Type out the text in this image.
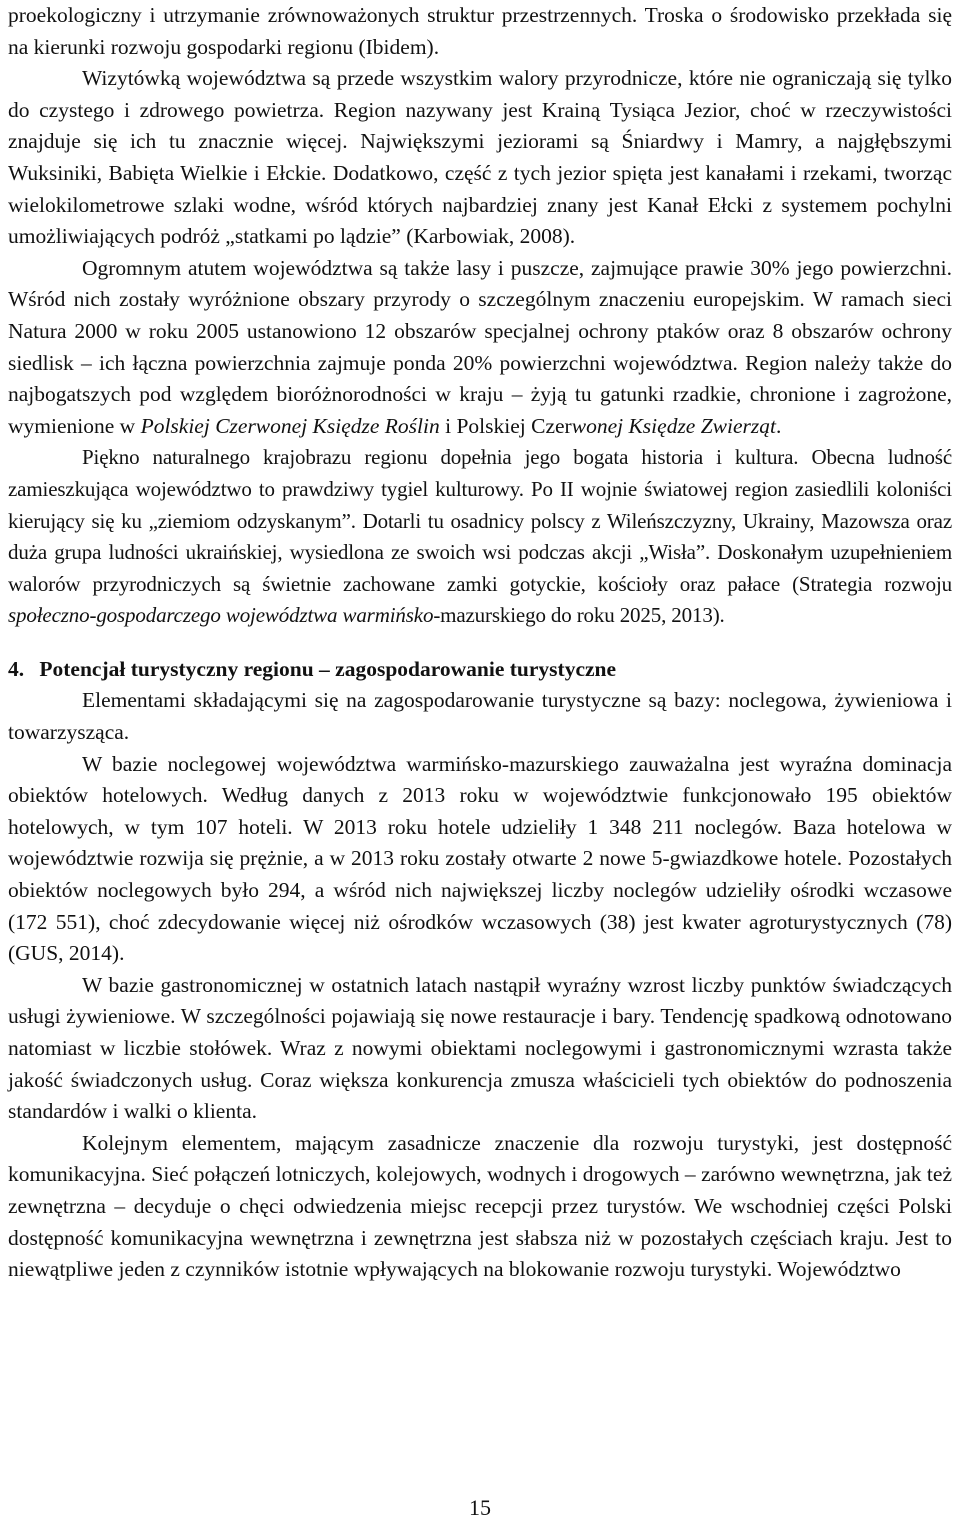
proekologiczny i utrzymanie zrównoważonych struktur przestrzennych. Troska o środowisko przekłada się na kierunki rozwoju gospodarki regionu (Ibidem).

Wizytówką województwa są przede wszystkim walory przyrodnicze, które nie ograniczają się tylko do czystego i zdrowego powietrza. Region nazywany jest Krainą Tysiąca Jezior, choć w rzeczywistości znajduje się ich tu znacznie więcej. Największymi jeziorami są Śniardwy i Mamry, a najgłębszymi Wuksiniki, Babięta Wielkie i Ełckie. Dodatkowo, część z tych jezior spięta jest kanałami i rzekami, tworząc wielokilometrowe szlaki wodne, wśród których najbardziej znany jest Kanał Ełcki z systemem pochylni umożliwiających podróż „statkami po lądzie” (Karbowiak, 2008).

Ogromnym atutem województwa są także lasy i puszcze, zajmujące prawie 30% jego powierzchni. Wśród nich zostały wyróżnione obszary przyrody o szczególnym znaczeniu europejskim. W ramach sieci Natura 2000 w roku 2005 ustanowiono 12 obszarów specjalnej ochrony ptaków oraz 8 obszarów ochrony siedlisk – ich łączna powierzchnia zajmuje ponda 20% powierzchni województwa. Region należy także do najbogatszych pod względem bioróżnorodności w kraju – żyją tu gatunki rzadkie, chronione i zagrożone, wymienione w Polskiej Czerwonej Księdze Roślin i Polskiej Czerwonej Księdze Zwierząt.

Piękno naturalnego krajobrazu regionu dopełnia jego bogata historia i kultura. Obecna ludność zamieszkująca województwo to prawdziwy tygiel kulturowy. Po II wojnie światowej region zasiedlili koloniści kierujący się ku „ziemiom odzyskanym”. Dotarli tu osadnicy polscy z Wileńszczyzny, Ukrainy, Mazowsza oraz duża grupa ludności ukraińskiej, wysiedlona ze swoich wsi podczas akcji „Wisła”. Doskonałym uzupełnieniem walorów przyrodniczych są świetnie zachowane zamki gotyckie, kościoły oraz pałace (Strategia rozwoju społeczno-gospodarczego województwa warmińsko-mazurskiego do roku 2025, 2013).

4. Potencjał turystyczny regionu – zagospodarowanie turystyczne

Elementami składającymi się na zagospodarowanie turystyczne są bazy: noclegowa, żywieniowa i towarzysząca.

W bazie noclegowej województwa warmińsko-mazurskiego zauważalna jest wyraźna dominacja obiektów hotelowych. Według danych z 2013 roku w województwie funkcjonowało 195 obiektów hotelowych, w tym 107 hoteli. W 2013 roku hotele udzieliły 1 348 211 noclegów. Baza hotelowa w województwie rozwija się prężnie, a w 2013 roku zostały otwarte 2 nowe 5-gwiazdkowe hotele. Pozostałych obiektów noclegowych było 294, a wśród nich największej liczby noclegów udzieliły ośrodki wczasowe (172 551), choć zdecydowanie więcej niż ośrodków wczasowych (38) jest kwater agroturystycznych (78) (GUS, 2014).

W bazie gastronomicznej w ostatnich latach nastąpił wyraźny wzrost liczby punktów świadczących usługi żywieniowe. W szczególności pojawiają się nowe restauracje i bary. Tendencję spadkową odnotowano natomiast w liczbie stołówek. Wraz z nowymi obiektami noclegowymi i gastronomicznymi wzrasta także jakość świadczonych usług. Coraz większa konkurencja zmusza właścicieli tych obiektów do podnoszenia standardów i walki o klienta.

Kolejnym elementem, mającym zasadnicze znaczenie dla rozwoju turystyki, jest dostępność komunikacyjna. Sieć połączeń lotniczych, kolejowych, wodnych i drogowych – zarówno wewnętrzna, jak też zewnętrzna – decyduje o chęci odwiedzenia miejsc recepcji przez turystów. We wschodniej części Polski dostępność komunikacyjna wewnętrzna i zewnętrzna jest słabsza niż w pozostałych częściach kraju. Jest to niewątpliwe jeden z czynników istotnie wpływających na blokowanie rozwoju turystyki. Województwo

15
